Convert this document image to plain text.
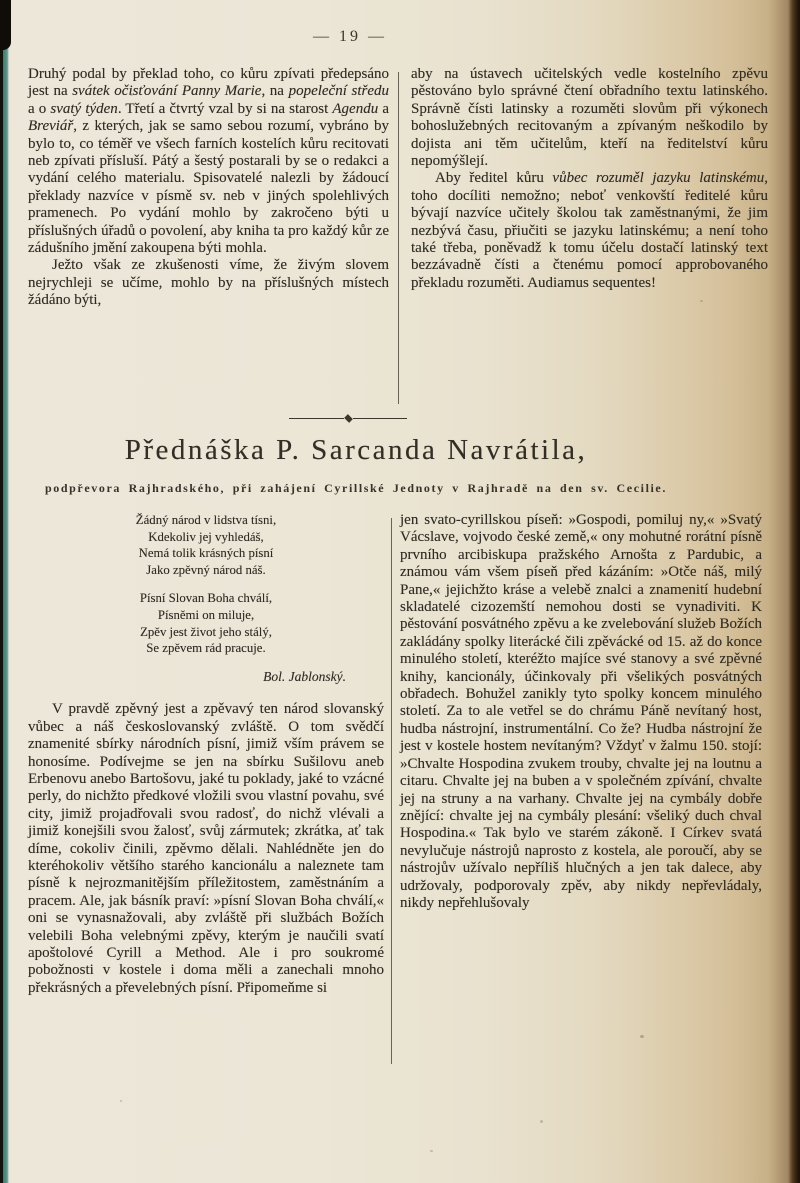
— 19 —

Druhý podal by překlad toho, co kůru zpívati předepsáno jest na svátek očisťování Panny Marie, na popeleční středu a o svatý týden. Třetí a čtvrtý vzal by si na starost Agendu a Breviář, z kterých, jak se samo sebou rozumí, vybráno by bylo to, co téměř ve všech farních kostelích kůru recitovati neb zpívati přísluší. Pátý a šestý postarali by se o redakci a vydání celého materialu. Spisovatelé nalezli by žádoucí překlady nazvíce v písmě sv. neb v jiných spolehlivých pramenech. Po vydání mohlo by zakročeno býti u příslušných úřadů o povolení, aby kniha ta pro každý kůr ze zádušního jmění zakoupena býti mohla.

Ježto však ze zkušenosti víme, že živým slovem nejrychleji se učíme, mohlo by na příslušných místech žádáno býti,

aby na ústavech učitelských vedle kostelního zpěvu pěstováno bylo správné čtení obřadního textu latinského. Správně čísti latinsky a rozuměti slovům při výkonech bohoslužebných recitovaným a zpívaným neškodilo by dojista ani těm učitelům, kteří na ředitelství kůru nepomýšlejí.

Aby ředitel kůru vůbec rozuměl jazyku latinskému, toho docíliti nemožno; neboť venkovští ředitelé kůru bývají nazvíce učitely školou tak zaměstnanými, že jim nezbývá času, přiučiti se jazyku latinskému; a není toho také třeba, poněvadž k tomu účelu dostačí latinský text bezzávadně čísti a čtenému pomocí approbovaného překladu rozuměti. Audiamus sequentes!

Přednáška P. Sarcanda Navrátila,

podpřevora Rajhradského, při zahájení Cyrillské Jednoty v Rajhradě na den sv. Cecilie.

Žádný národ v lidstva tísni,
Kdekoliv jej vyhledáš,
Nemá tolik krásných písní
Jako zpěvný národ náš.
Písní Slovan Boha chválí,
Písněmi on miluje,
Zpěv jest život jeho stálý,
Se zpěvem rád pracuje.
Bol. Jablonský.

V pravdě zpěvný jest a zpěvavý ten národ slovanský vůbec a náš českoslovanský zvláště. O tom svědčí znamenité sbírky národních písní, jimiž vším právem se honosíme. Podívejme se jen na sbírku Sušilovu aneb Erbenovu anebo Bartošovu, jaké tu poklady, jaké to vzácné perly, do nichžto předkové vložili svou vlastní povahu, své city, jimiž projadřovali svou radosť, do nichž vlévali a jimiž konejšili svou žalosť, svůj zármutek; zkrátka, ať tak díme, cokoliv činili, zpěvmo dělali. Nahlédněte jen do kteréhokoliv většího starého kancionálu a naleznete tam písně k nejrozmanitějším příležitostem, zaměstnáním a pracem. Ale, jak básník praví: »písní Slovan Boha chválí,« oni se vynasnažovali, aby zvláště při službách Božích velebili Boha velebnými zpěvy, kterým je naučili svatí apoštolové Cyrill a Method. Ale i pro soukromé pobožnosti v kostele i doma měli a zanechali mnoho překrásných a převelebných písní. Připomeňme si

jen svato-cyrillskou píseň: »Gospodi, pomiluj ny,« »Svatý Vácslave, vojvodo české země,« ony mohutné rorátní písně prvního arcibiskupa pražského Arnošta z Pardubic, a známou vám všem píseň před kázáním: »Otče náš, milý Pane,« jejichžto kráse a velebě znalci a znamenití hudební skladatelé cizozemští nemohou dosti se vynadiviti. K pěstování posvátného zpěvu a ke zvelebování služeb Božích zakládány spolky literácké čili zpěvácké od 15. až do konce minulého století, kteréžto majíce své stanovy a své zpěvné knihy, kancionály, účinkovaly při všelikých posvátných obřadech. Bohužel zanikly tyto spolky koncem minulého století. Za to ale vetřel se do chrámu Páně nevítaný host, hudba nástrojní, instrumentální. Co že? Hudba nástrojní že jest v kostele hostem nevítaným? Vždyť v žalmu 150. stojí: »Chvalte Hospodina zvukem trouby, chvalte jej na loutnu a citaru. Chvalte jej na buben a v společném zpívání, chvalte jej na struny a na varhany. Chvalte jej na cymbály dobře znějící: chvalte jej na cymbály plesání: všeliký duch chval Hospodina.« Tak bylo ve starém zákoně. I Církev svatá nevylučuje nástrojů naprosto z kostela, ale poroučí, aby se nástrojův užívalo nepříliš hlučných a jen tak dalece, aby udržovaly, podporovaly zpěv, aby nikdy nepřevládaly, nikdy nepřehlušovaly
